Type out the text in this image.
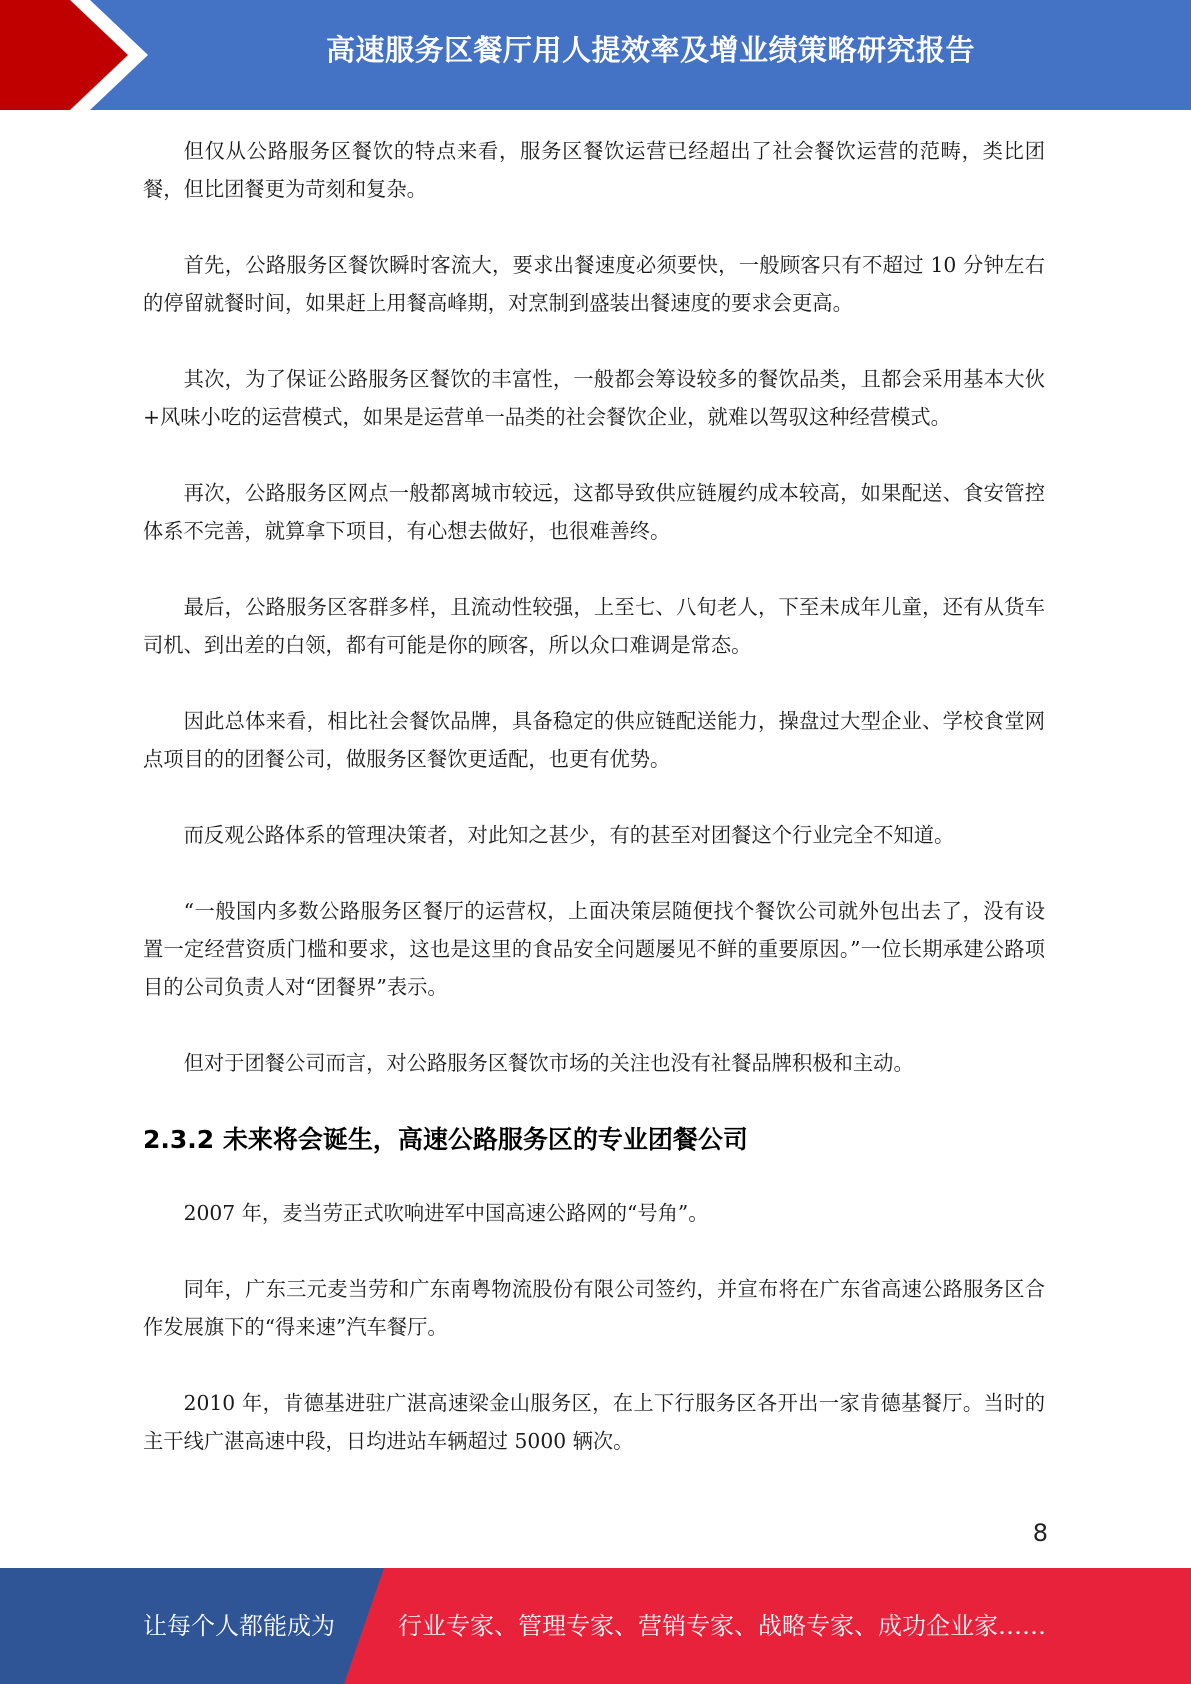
高速服务区餐厅用人提效率及增业绩策略研究报告

但仅从公路服务区餐饮的特点来看，服务区餐饮运营已经超出了社会餐饮运营的范畴，类比团餐，但比团餐更为苛刻和复杂。

首先，公路服务区餐饮瞬时客流大，要求出餐速度必须要快，一般顾客只有不超过 10 分钟左右的停留就餐时间，如果赶上用餐高峰期，对烹制到盛装出餐速度的要求会更高。

其次，为了保证公路服务区餐饮的丰富性，一般都会筹设较多的餐饮品类，且都会采用基本大伙+风味小吃的运营模式，如果是运营单一品类的社会餐饮企业，就难以驾驭这种经营模式。

再次，公路服务区网点一般都离城市较远，这都导致供应链履约成本较高，如果配送、食安管控体系不完善，就算拿下项目，有心想去做好，也很难善终。

最后，公路服务区客群多样，且流动性较强，上至七、八旬老人，下至未成年儿童，还有从货车司机、到出差的白领，都有可能是你的顾客，所以众口难调是常态。

因此总体来看，相比社会餐饮品牌，具备稳定的供应链配送能力，操盘过大型企业、学校食堂网点项目的的团餐公司，做服务区餐饮更适配，也更有优势。

而反观公路体系的管理决策者，对此知之甚少，有的甚至对团餐这个行业完全不知道。

“一般国内多数公路服务区餐厅的运营权，上面决策层随便找个餐饮公司就外包出去了，没有设置一定经营资质门槛和要求，这也是这里的食品安全问题屡见不鲜的重要原因。”一位长期承建公路项目的公司负责人对“团餐界”表示。

但对于团餐公司而言，对公路服务区餐饮市场的关注也没有社餐品牌积极和主动。

2.3.2 未来将会诞生，高速公路服务区的专业团餐公司

2007 年，麦当劳正式吹响进军中国高速公路网的“号角”。

同年，广东三元麦当劳和广东南粤物流股份有限公司签约，并宣布将在广东省高速公路服务区合作发展旗下的“得来速”汽车餐厅。

2010 年，肯德基进驻广湛高速梁金山服务区，在上下行服务区各开出一家肯德基餐厅。当时的主干线广湛高速中段，日均进站车辆超过 5000 辆次。

8
让每个人都能成为	行业专家、管理专家、营销专家、战略专家、成功企业家……
